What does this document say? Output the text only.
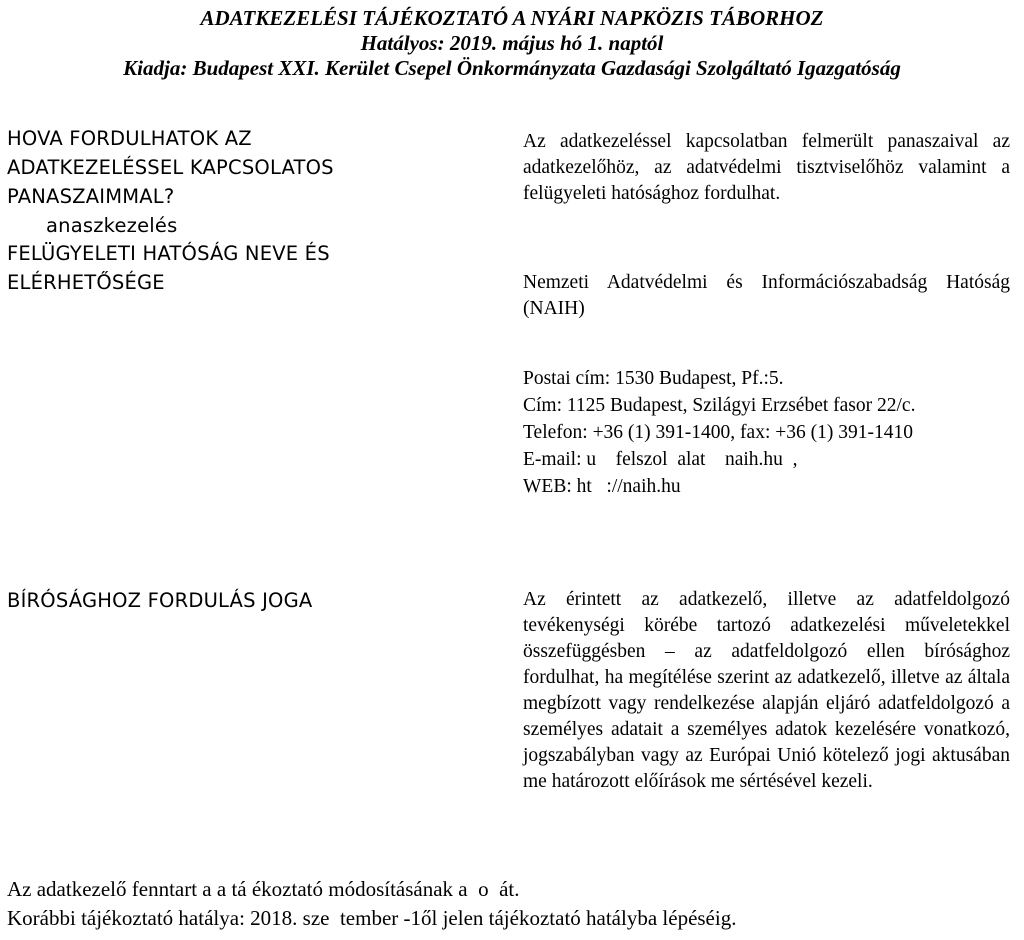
ADATKEZELÉSI TÁJÉKOZTATÓ A NYÁRI NAPKÖZIS TÁBORHOZ
Hatályos: 2019. május hó 1. naptól
Kiadja: Budapest XXI. Kerület Csepel Önkormányzata Gazdasági Szolgáltató Igazgatóság
HOVA FORDULHATOK AZ
ADATKEZELÉSSEL KAPCSOLATOS
PANASZAIMMAL?
anaszkezelés
FELÜGYELETI HATÓSÁG NEVE ÉS
ELÉRHETŐSÉGE
BÍRÓSÁGHOZ FORDULÁS JOGA
Az adatkezeléssel kapcsolatban felmerült panaszaival az adatkezelőhöz, az adatvédelmi tisztviselőhöz valamint a felügyeleti hatósághoz fordulhat.

Nemzeti Adatvédelmi és Információszabadság Hatóság (NAIH)

Postai cím: 1530 Budapest, Pf.:5.

Cím: 1125 Budapest, Szilágyi Erzsébet fasor 22/c.

Telefon: +36 (1) 391-1400, fax: +36 (1) 391-1410

E-mail: u    felszol  alat    naih.hu  ,

WEB: ht   ://naih.hu

Az érintett az adatkezelő, illetve az adatfeldolgozó tevékenységi körébe tartozó adatkezelési műveletekkel összefüggésben – az adatfeldolgozó ellen bírósághoz fordulhat, ha megítélése szerint az adatkezelő, illetve az általa megbízott vagy rendelkezése alapján eljáró adatfeldolgozó a személyes adatait a személyes adatok kezelésére vonatkozó, jogszabályban vagy az Európai Unió kötelező jogi aktusában me határozott előírások me sértésével kezeli.
Az adatkezelő fenntart a a tá ékoztató módosításának a  o  át.
Korábbi tájékoztató hatálya: 2018. sze  tember -1ől jelen tájékoztató hatályba lépéséig.
